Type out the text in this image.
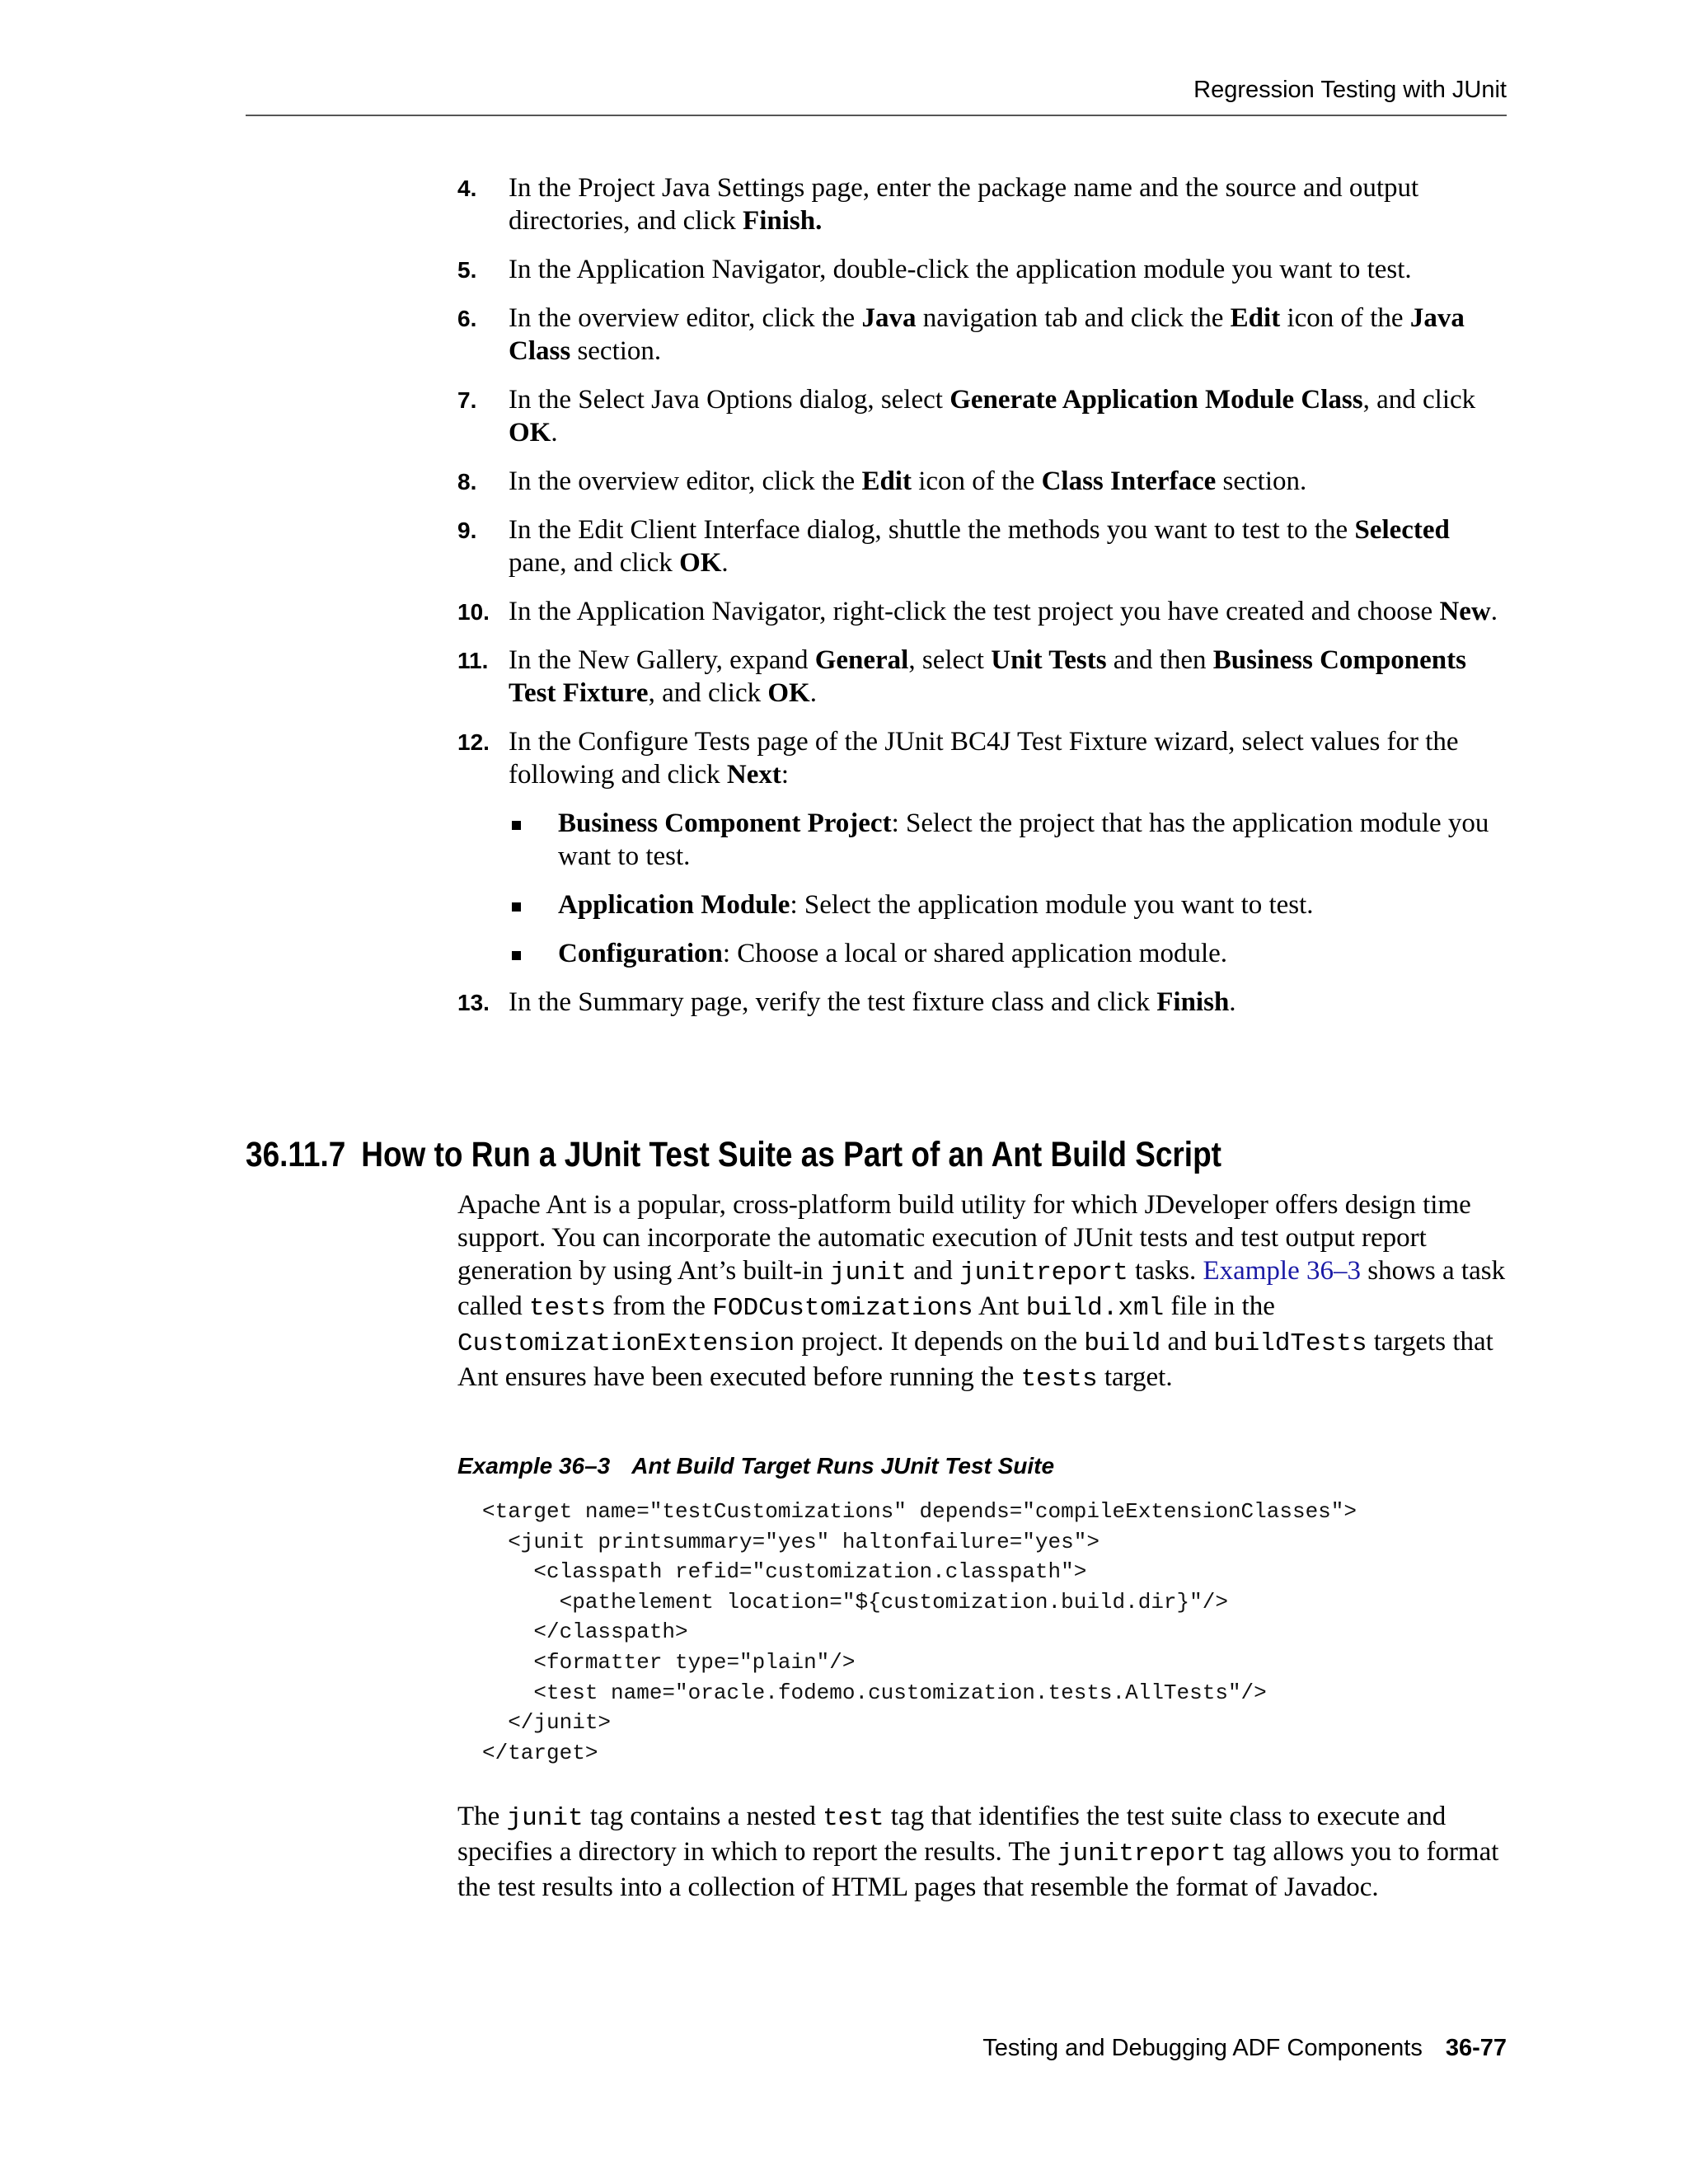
Regression Testing with JUnit
4. In the Project Java Settings page, enter the package name and the source and output directories, and click Finish.
5. In the Application Navigator, double-click the application module you want to test.
6. In the overview editor, click the Java navigation tab and click the Edit icon of the Java Class section.
7. In the Select Java Options dialog, select Generate Application Module Class, and click OK.
8. In the overview editor, click the Edit icon of the Class Interface section.
9. In the Edit Client Interface dialog, shuttle the methods you want to test to the Selected pane, and click OK.
10. In the Application Navigator, right-click the test project you have created and choose New.
11. In the New Gallery, expand General, select Unit Tests and then Business Components Test Fixture, and click OK.
12. In the Configure Tests page of the JUnit BC4J Test Fixture wizard, select values for the following and click Next:
Business Component Project: Select the project that has the application module you want to test.
Application Module: Select the application module you want to test.
Configuration: Choose a local or shared application module.
13. In the Summary page, verify the test fixture class and click Finish.
36.11.7 How to Run a JUnit Test Suite as Part of an Ant Build Script

Apache Ant is a popular, cross-platform build utility for which JDeveloper offers design time support. You can incorporate the automatic execution of JUnit tests and test output report generation by using Ant’s built-in junit and junitreport tasks. Example 36–3 shows a task called tests from the FODCustomizations Ant build.xml file in the CustomizationExtension project. It depends on the build and buildTests targets that Ant ensures have been executed before running the tests target.

Example 36–3 Ant Build Target Runs JUnit Test Suite

<target name="testCustomizations" depends="compileExtensionClasses">
<junit printsummary="yes" haltonfailure="yes">
<classpath refid="customization.classpath">
<pathelement location="${customization.build.dir}"/>
</classpath>
<formatter type="plain"/>
<test name="oracle.fodemo.customization.tests.AllTests"/>
</junit>
</target>

The junit tag contains a nested test tag that identifies the test suite class to execute and specifies a directory in which to report the results. The junitreport tag allows you to format the test results into a collection of HTML pages that resemble the format of Javadoc.

Testing and Debugging ADF Components 36-77
